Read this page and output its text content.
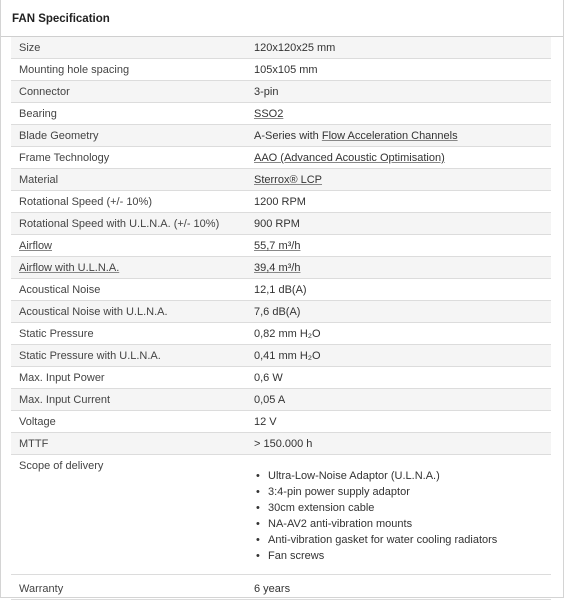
FAN Specification
Size	120x120x25 mm
Mounting hole spacing	105x105 mm
Connector	3-pin
Bearing	SSO2
Blade Geometry	A-Series with Flow Acceleration Channels
Frame Technology	AAO (Advanced Acoustic Optimisation)
Material	Sterrox® LCP
Rotational Speed (+/- 10%)	1200 RPM
Rotational Speed with U.L.N.A. (+/- 10%)	900 RPM
Airflow	55,7 m³/h
Airflow with U.L.N.A.	39,4 m³/h
Acoustical Noise	12,1 dB(A)
Acoustical Noise with U.L.N.A.	7,6 dB(A)
Static Pressure	0,82 mm H₂O
Static Pressure with U.L.N.A.	0,41 mm H₂O
Max. Input Power	0,6 W
Max. Input Current	0,05 A
Voltage	12 V
MTTF	> 150.000 h
Scope of delivery
• Ultra-Low-Noise Adaptor (U.L.N.A.)
• 3:4-pin power supply adaptor
• 30cm extension cable
• NA-AV2 anti-vibration mounts
• Anti-vibration gasket for water cooling radiators
• Fan screws
Warranty	6 years
